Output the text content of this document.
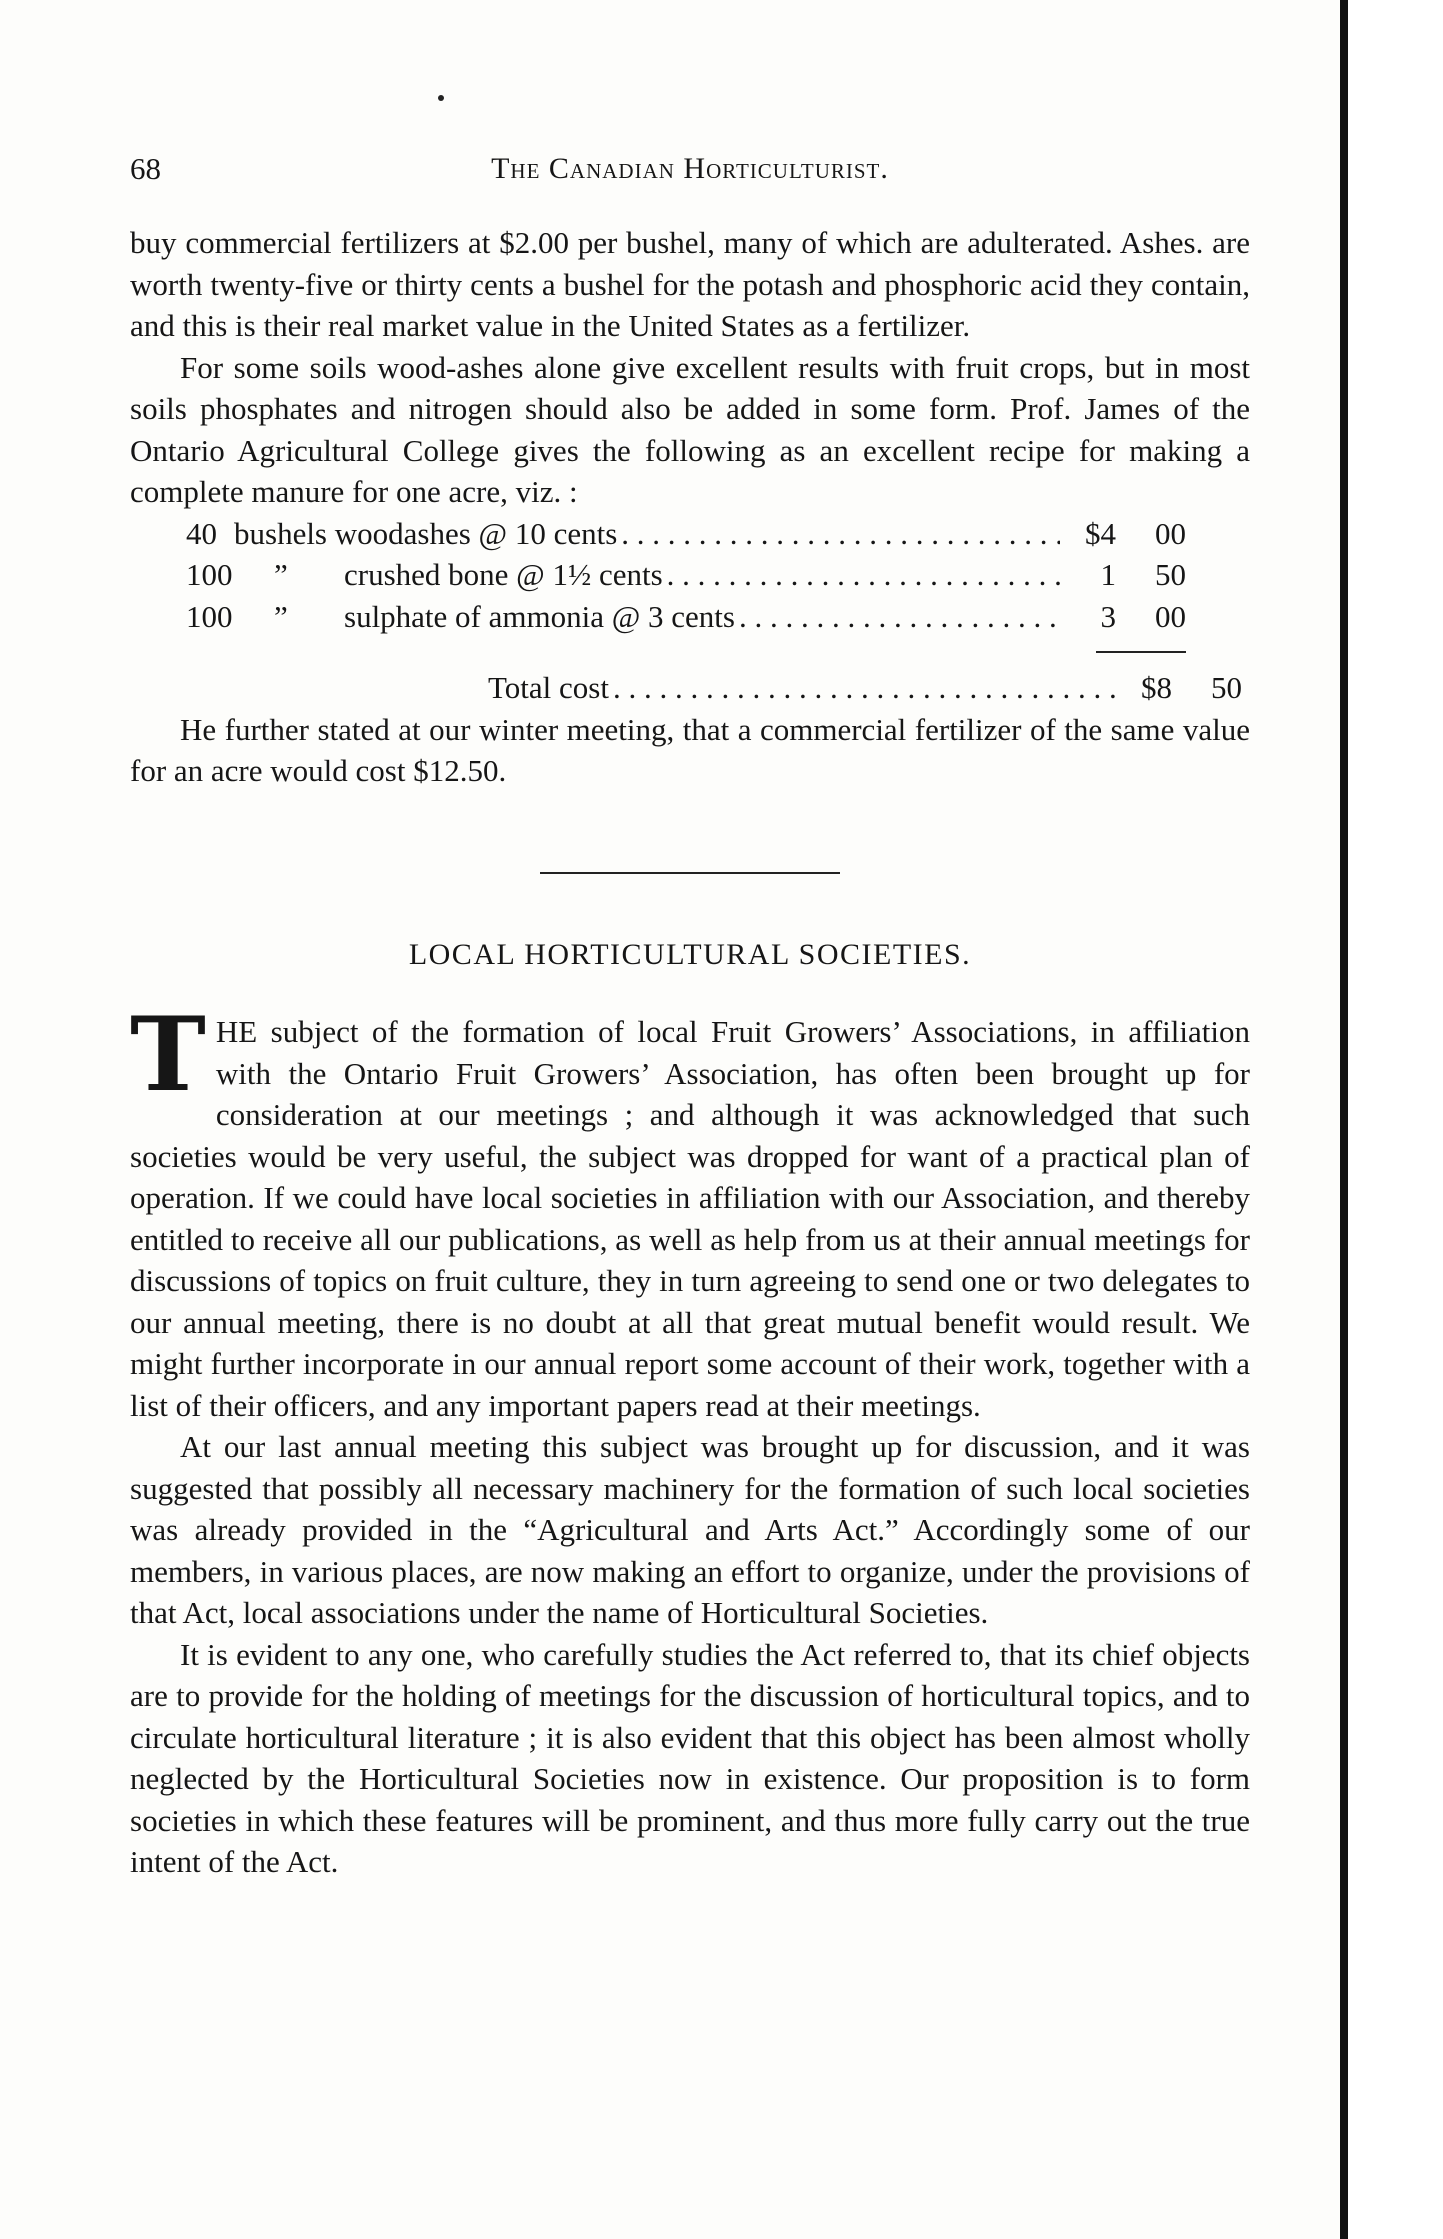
68	The Canadian Horticulturist.

buy commercial fertilizers at $2.00 per bushel, many of which are adulterated. Ashes. are worth twenty-five or thirty cents a bushel for the potash and phosphoric acid they contain, and this is their real market value in the United States as a fertilizer.

For some soils wood-ashes alone give excellent results with fruit crops, but in most soils phosphates and nitrogen should also be added in some form. Prof. James of the Ontario Agricultural College gives the following as an excellent recipe for making a complete manure for one acre, viz. :

40 bushels woodashes @ 10 cents . . .	$4	00
100	”	crushed bone @ 1½ cents . . .	1	50
100	”	sulphate of ammonia @ 3 cents . . .	3	00
Total cost . . .	$8	50

He further stated at our winter meeting, that a commercial fertilizer of the same value for an acre would cost $12.50.

LOCAL HORTICULTURAL SOCIETIES.

T HE subject of the formation of local Fruit Growers’ Associations, in affiliation with the Ontario Fruit Growers’ Association, has often been brought up for consideration at our meetings ; and although it was acknowledged that such societies would be very useful, the subject was dropped for want of a practical plan of operation. If we could have local societies in affiliation with our Association, and thereby entitled to receive all our publications, as well as help from us at their annual meetings for discussions of topics on fruit culture, they in turn agreeing to send one or two delegates to our annual meeting, there is no doubt at all that great mutual benefit would result. We might further incorporate in our annual report some account of their work, together with a list of their officers, and any important papers read at their meetings.

At our last annual meeting this subject was brought up for discussion, and it was suggested that possibly all necessary machinery for the formation of such local societies was already provided in the “Agricultural and Arts Act.” Accordingly some of our members, in various places, are now making an effort to organize, under the provisions of that Act, local associations under the name of Horticultural Societies.

It is evident to any one, who carefully studies the Act referred to, that its chief objects are to provide for the holding of meetings for the discussion of horticultural topics, and to circulate horticultural literature ; it is also evident that this object has been almost wholly neglected by the Horticultural Societies now in existence. Our proposition is to form societies in which these features will be prominent, and thus more fully carry out the true intent of the Act.
